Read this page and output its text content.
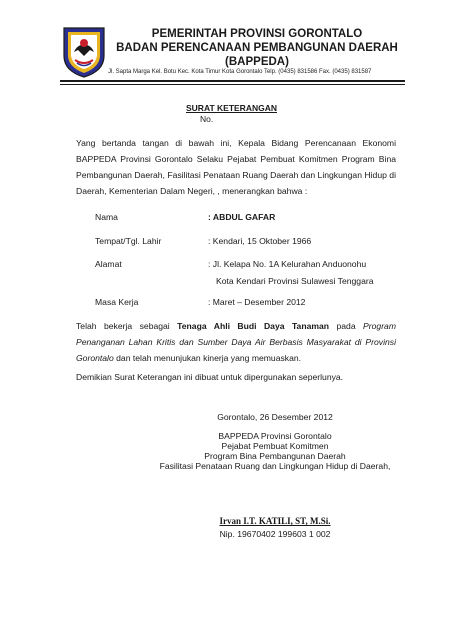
PEMERINTAH PROVINSI GORONTALO
BADAN PERENCANAAN PEMBANGUNAN DAERAH
(BAPPEDA)
Jl. Sapta Marga Kel. Botu Kec. Kota Timur Kota Gorontalo Telp. (0435) 831586 Fax. (0435) 831587
SURAT KETERANGAN
No.

Yang bertanda tangan di bawah ini, Kepala Bidang Perencanaan Ekonomi BAPPEDA Provinsi Gorontalo Selaku Pejabat Pembuat Komitmen Program Bina Pembangunan Daerah, Fasilitasi Penataan Ruang Daerah dan Lingkungan Hidup di Daerah, Kementerian Dalam Negeri, , menerangkan bahwa :

Nama	: ABDUL GAFAR
Tempat/Tgl. Lahir	: Kendari, 15 Oktober 1966
Alamat	: Jl. Kelapa No. 1A Kelurahan Anduonohu
Kota Kendari Provinsi Sulawesi Tenggara
Masa Kerja	: Maret – Desember 2012

Telah bekerja sebagai Tenaga Ahli Budi Daya Tanaman pada Program Penanganan Lahan Kritis dan Sumber Daya Air Berbasis Masyarakat di Provinsi Gorontalo dan telah menunjukan kinerja yang memuaskan.

Demikian Surat Keterangan ini dibuat untuk dipergunakan seperlunya.

Gorontalo, 26 Desember 2012
BAPPEDA Provinsi Gorontalo
Pejabat Pembuat Komitmen
Program Bina Pembangunan Daerah
Fasilitasi Penataan Ruang dan Lingkungan Hidup di Daerah,
Irvan I.T. KATILI, ST, M.Si.
Nip. 19670402 199603 1 002
